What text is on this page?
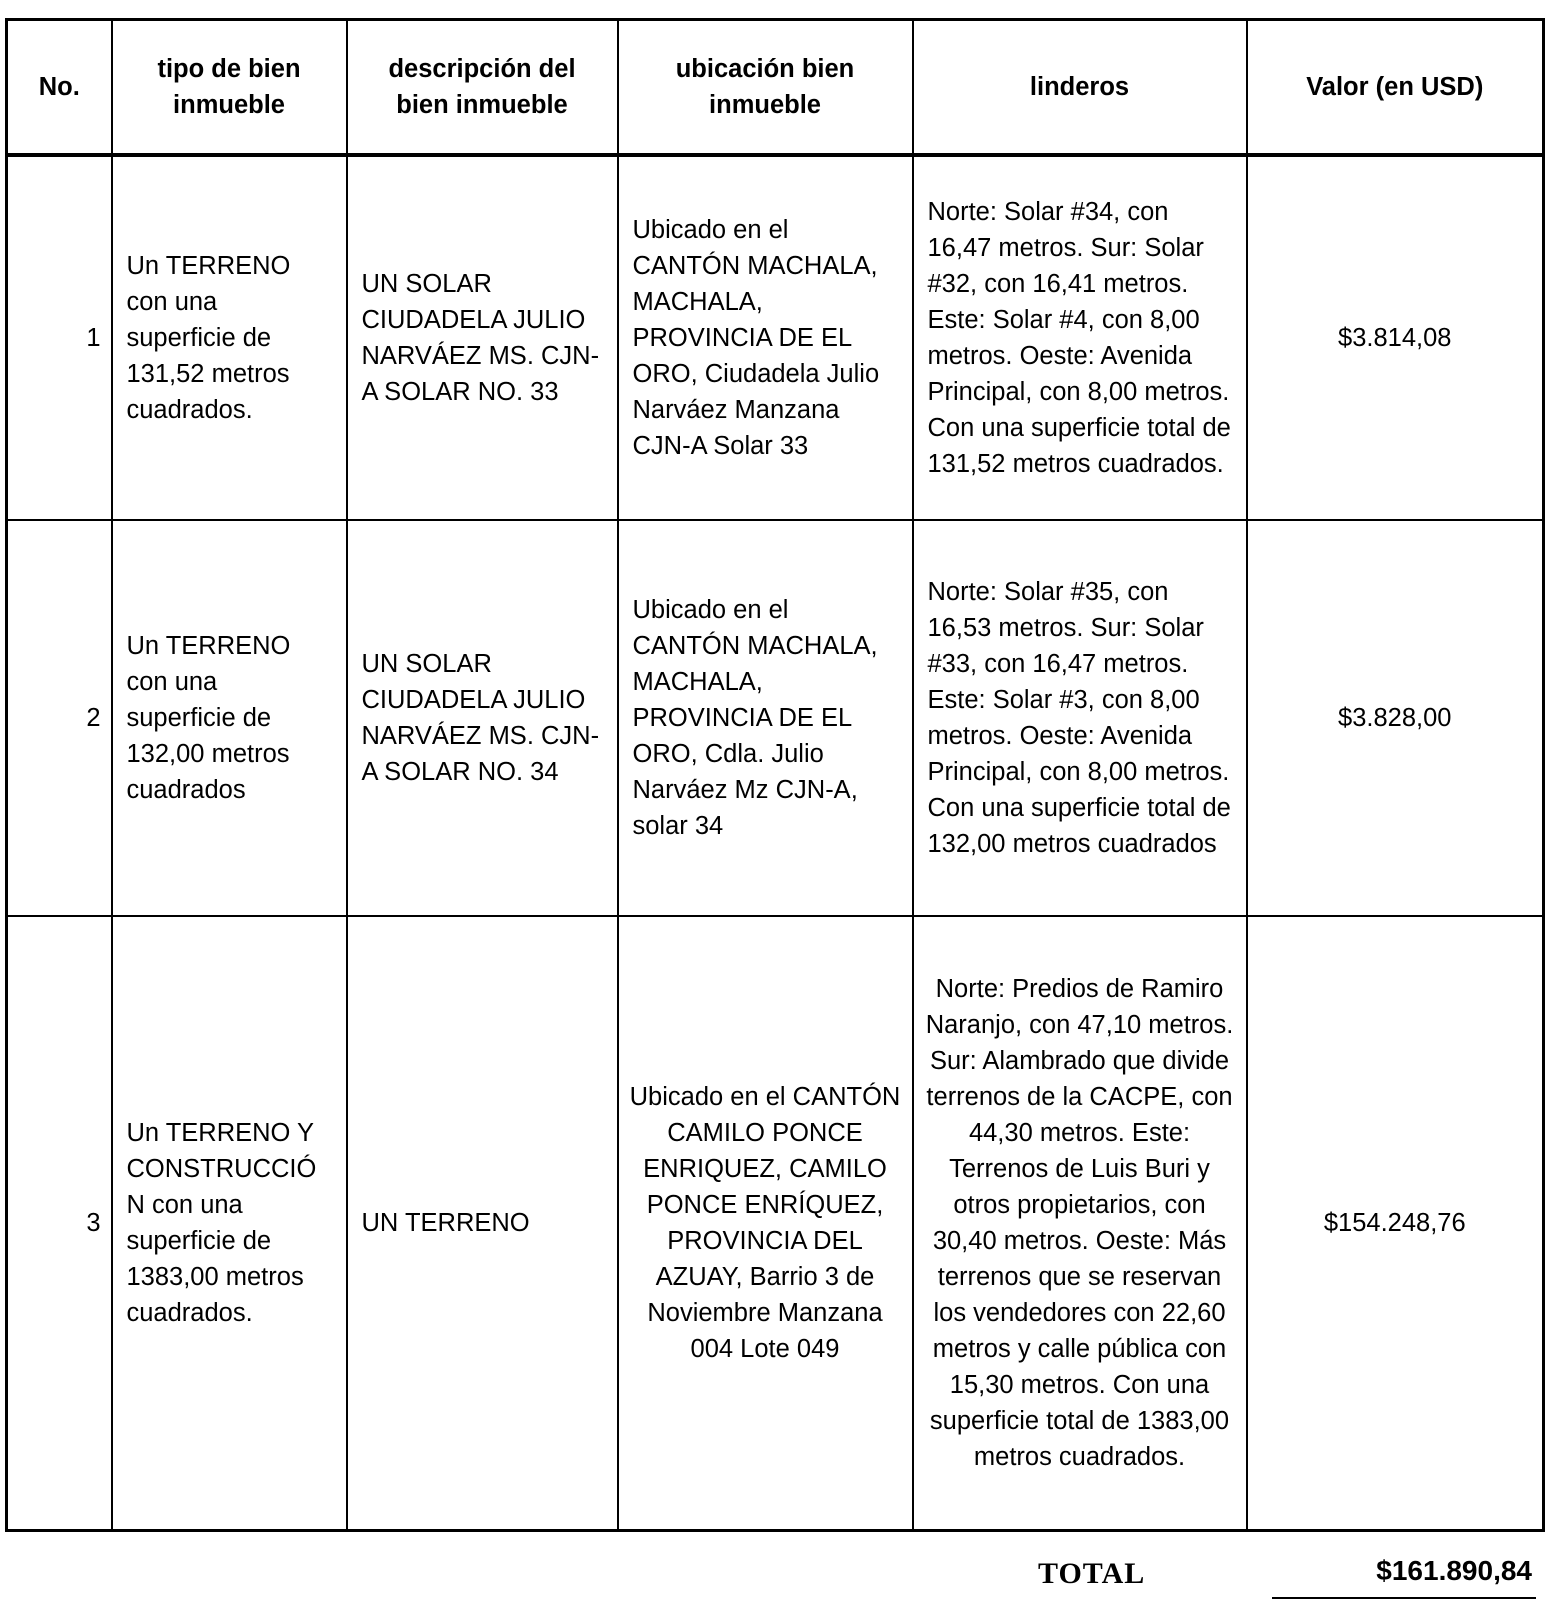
No.	tipo de bien inmueble	descripción del bien inmueble	ubicación bien inmueble	linderos	Valor (en USD)
1	Un TERRENO con una superficie de 131,52 metros cuadrados.	UN SOLAR CIUDADELA JULIO NARVÁEZ MS. CJN-A SOLAR NO. 33	Ubicado en el CANTÓN MACHALA, MACHALA, PROVINCIA DE EL ORO, Ciudadela Julio Narváez Manzana CJN-A Solar 33	Norte: Solar #34, con 16,47 metros. Sur: Solar #32, con 16,41 metros. Este: Solar #4, con 8,00 metros. Oeste: Avenida Principal, con 8,00 metros. Con una superficie total de 131,52 metros cuadrados.	$3.814,08
2	Un TERRENO con una superficie de 132,00 metros cuadrados	UN SOLAR CIUDADELA JULIO NARVÁEZ MS. CJN-A SOLAR NO. 34	Ubicado en el CANTÓN MACHALA, MACHALA, PROVINCIA DE EL ORO, Cdla. Julio Narváez Mz CJN-A, solar 34	Norte: Solar #35, con 16,53 metros. Sur: Solar #33, con 16,47 metros. Este: Solar #3, con 8,00 metros. Oeste: Avenida Principal, con 8,00 metros. Con una superficie total de 132,00 metros cuadrados	$3.828,00
3	Un TERRENO Y CONSTRUCCIÓN con una superficie de 1383,00 metros cuadrados.	UN TERRENO	Ubicado en el CANTÓN CAMILO PONCE ENRIQUEZ, CAMILO PONCE ENRÍQUEZ, PROVINCIA DEL AZUAY, Barrio 3 de Noviembre Manzana 004 Lote 049	Norte: Predios de Ramiro Naranjo, con 47,10 metros. Sur: Alambrado que divide terrenos de la CACPE, con 44,30 metros. Este: Terrenos de Luis Buri y otros propietarios, con 30,40 metros. Oeste: Más terrenos que se reservan los vendedores con 22,60 metros y calle pública con 15,30 metros. Con una superficie total de 1383,00 metros cuadrados.	$154.248,76
TOTAL	$161.890,84
